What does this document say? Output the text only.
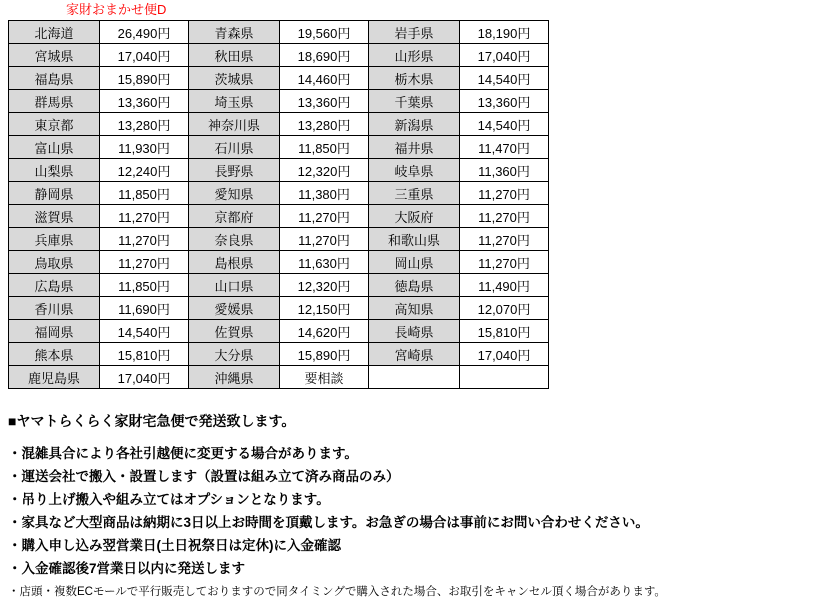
家財おまかせ便D
北海道	26,490円	青森県	19,560円	岩手県	18,190円
宮城県	17,040円	秋田県	18,690円	山形県	17,040円
福島県	15,890円	茨城県	14,460円	栃木県	14,540円
群馬県	13,360円	埼玉県	13,360円	千葉県	13,360円
東京都	13,280円	神奈川県	13,280円	新潟県	14,540円
富山県	11,930円	石川県	11,850円	福井県	11,470円
山梨県	12,240円	長野県	12,320円	岐阜県	11,360円
静岡県	11,850円	愛知県	11,380円	三重県	11,270円
滋賀県	11,270円	京都府	11,270円	大阪府	11,270円
兵庫県	11,270円	奈良県	11,270円	和歌山県	11,270円
鳥取県	11,270円	島根県	11,630円	岡山県	11,270円
広島県	11,850円	山口県	12,320円	徳島県	11,490円
香川県	11,690円	愛媛県	12,150円	高知県	12,070円
福岡県	14,540円	佐賀県	14,620円	長崎県	15,810円
熊本県	15,810円	大分県	15,890円	宮崎県	17,040円
鹿児島県	17,040円	沖縄県	要相談		
■ヤマトらくらく家財宅急便で発送致します。
・混雑具合により各社引越便に変更する場合があります。
・運送会社で搬入・設置します（設置は組み立て済み商品のみ）
・吊り上げ搬入や組み立てはオプションとなります。
・家具など大型商品は納期に3日以上お時間を頂戴します。お急ぎの場合は事前にお問い合わせください。
・購入申し込み翌営業日(土日祝祭日は定休)に入金確認
・入金確認後7営業日以内に発送します
・店頭・複数ECモールで平行販売しておりますので同タイミングで購入された場合、お取引をキャンセル頂く場合があります。
